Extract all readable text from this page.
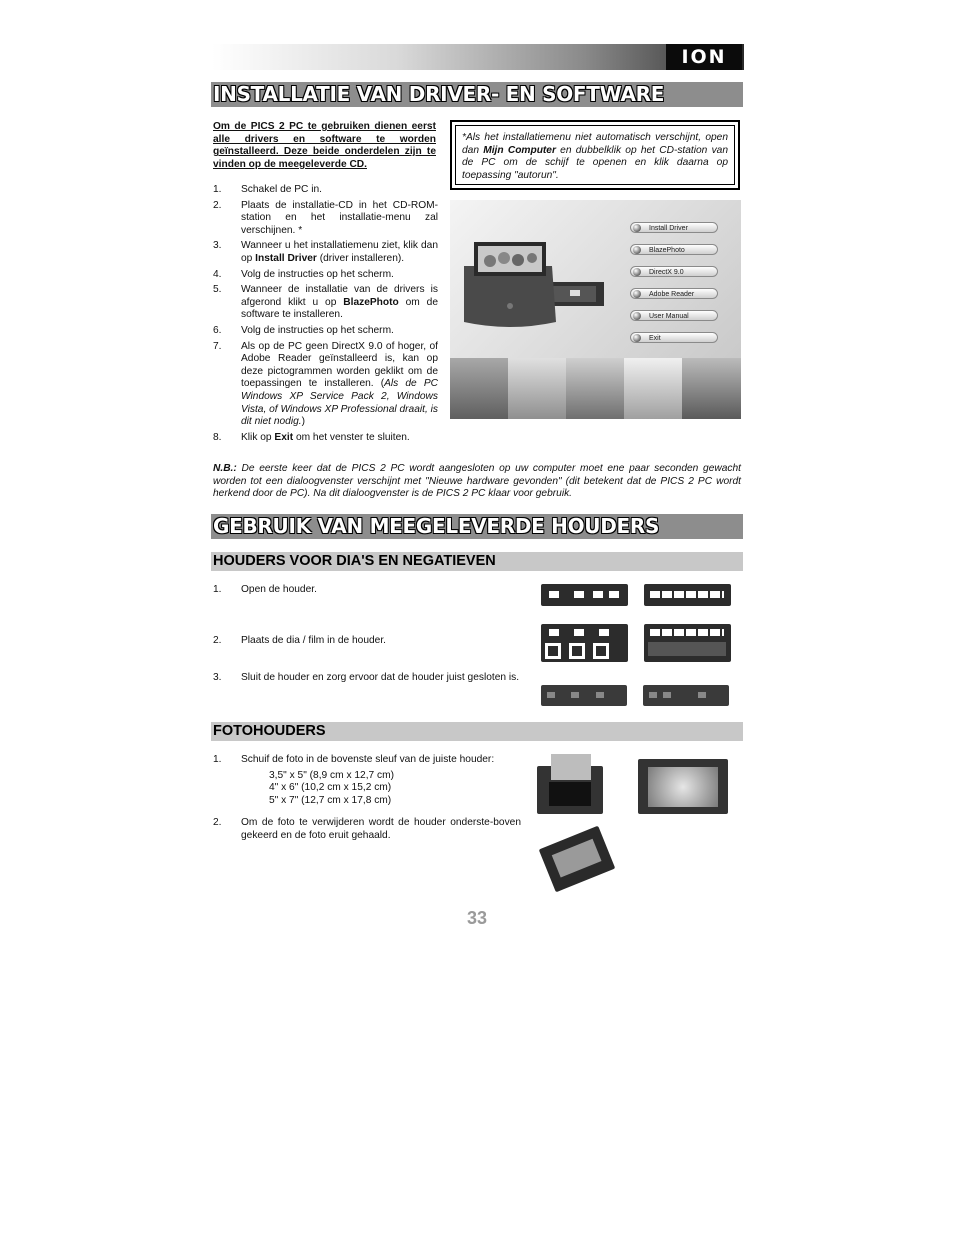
ION
INSTALLATIE VAN DRIVER- EN SOFTWARE
Om de PICS 2 PC te gebruiken dienen eerst alle drivers en software te worden geïnstalleerd. Deze beide onderdelen zijn te vinden op de meegeleverde CD.
*Als het installatiemenu niet automatisch verschijnt, open dan Mijn Computer en dubbelklik op het CD-station van de PC om de schijf te openen en klik daarna op toepassing "autorun".
1.	Schakel de PC in.
2.	Plaats de installatie-CD in het CD-ROM-station en het installatie-menu zal verschijnen. *
3.	Wanneer u het installatiemenu ziet, klik dan op Install Driver (driver installeren).
4.	Volg de instructies op het scherm.
5.	Wanneer de installatie van de drivers is afgerond klikt u op BlazePhoto om de software te installeren.
6.	Volg de instructies op het scherm.
7.	Als op de PC geen DirectX 9.0 of hoger, of Adobe Reader geïnstalleerd is, kan op deze pictogrammen worden geklikt om de toepassingen te installeren. (Als de PC Windows XP Service Pack 2, Windows Vista, of Windows XP Professional draait, is dit niet nodig.)
8.	Klik op Exit om het venster te sluiten.
Install Driver
BlazePhoto
DirectX 9.0
Adobe Reader
User Manual
Exit
N.B.: De eerste keer dat de PICS 2 PC wordt aangesloten op uw computer moet ene paar seconden gewacht worden tot een dialoogvenster verschijnt met "Nieuwe hardware gevonden" (dit betekent dat de PICS 2 PC wordt herkend door de PC). Na dit dialoogvenster is de PICS 2 PC klaar voor gebruik.
GEBRUIK VAN MEEGELEVERDE HOUDERS
HOUDERS VOOR DIA'S EN NEGATIEVEN
1.	Open de houder.
2.	Plaats de dia / film in de houder.
3.	Sluit de houder en zorg ervoor dat de houder juist gesloten is.
FOTOHOUDERS
1.	Schuif de foto in de bovenste sleuf van de juiste houder:
3,5" x 5" (8,9 cm x 12,7 cm)
4" x 6" (10,2 cm x 15,2 cm)
5" x 7" (12,7 cm x 17,8 cm)
2.	Om de foto te verwijderen wordt de houder onderste-boven gekeerd en de foto eruit gehaald.
33
